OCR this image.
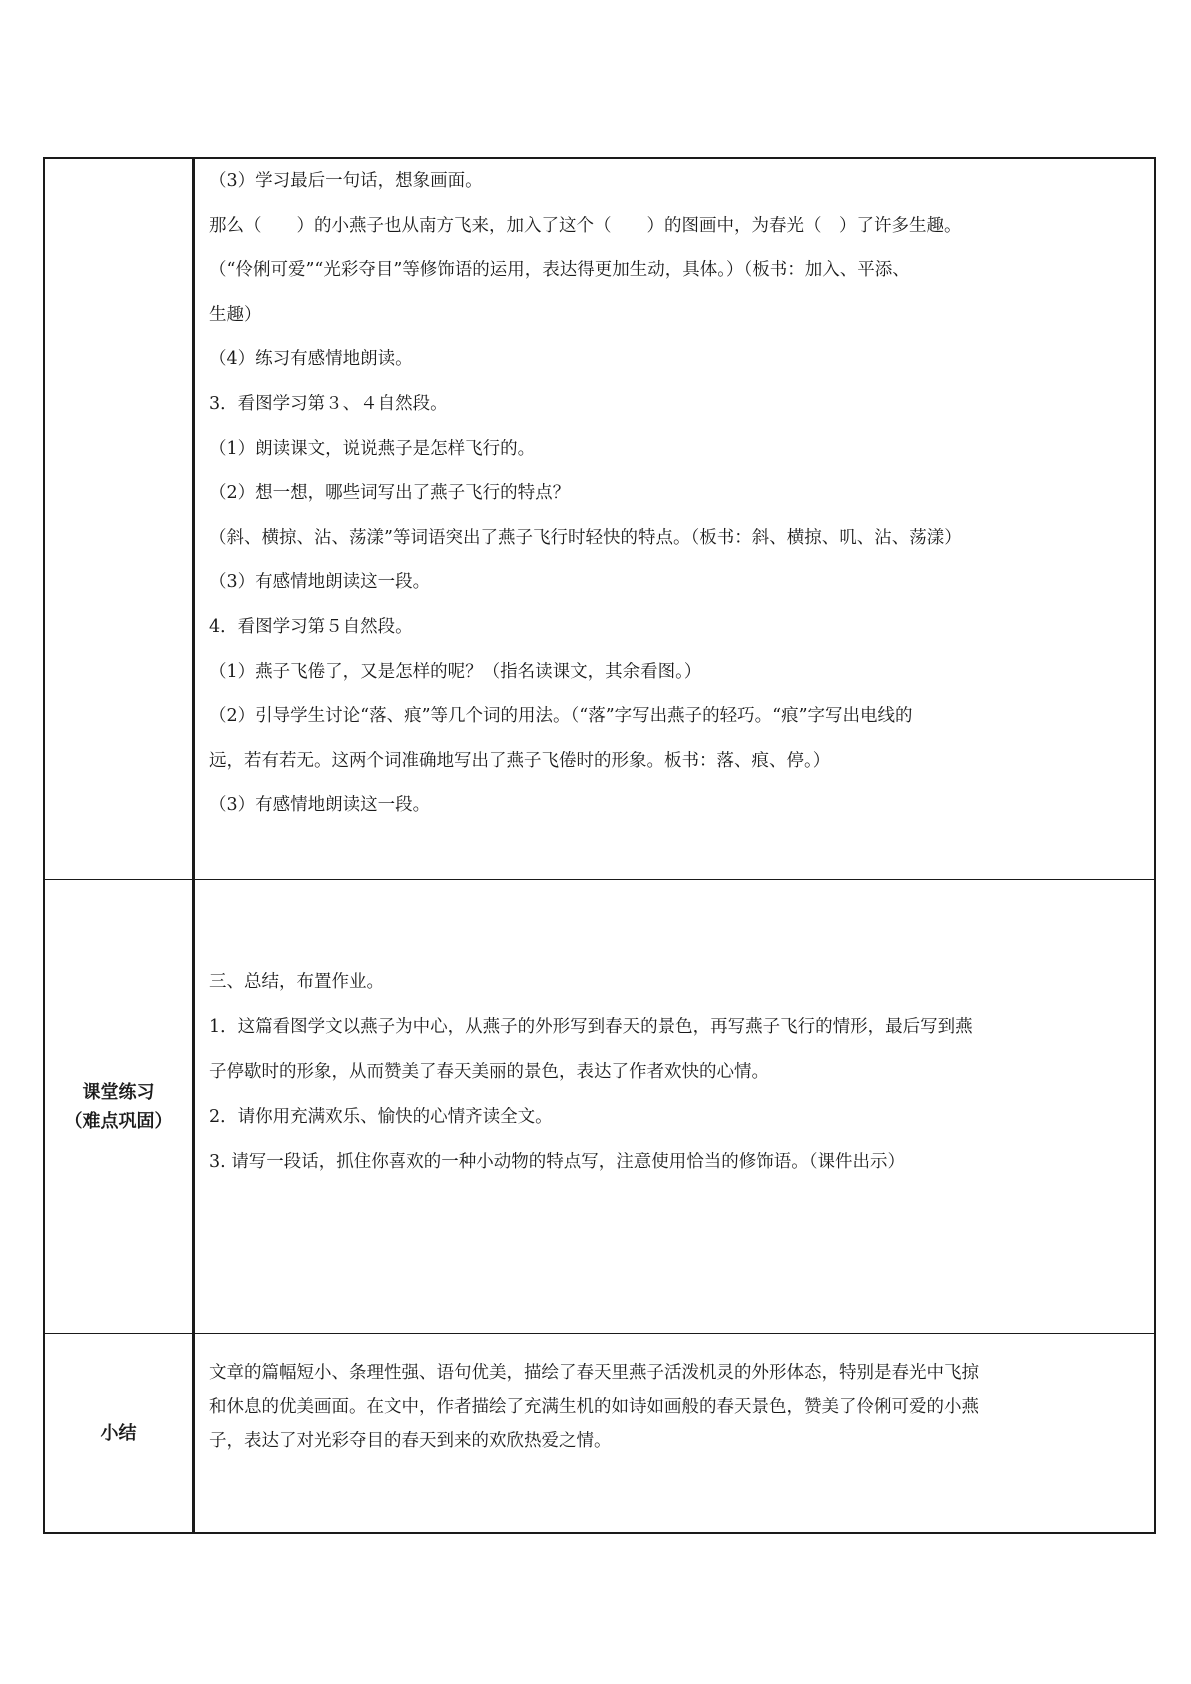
（3）学习最后一句话，想象画面。
那么（　　）的小燕子也从南方飞来，加入了这个（　　）的图画中，为春光（　）了许多生趣。
（“伶俐可爱”“光彩夺目”等修饰语的运用，表达得更加生动，具体。）（板书：加入、平添、
生趣）
（4）练习有感情地朗读。
3．看图学习第３、４自然段。
（1）朗读课文，说说燕子是怎样飞行的。
（2）想一想，哪些词写出了燕子飞行的特点？
（斜、横掠、沾、荡漾”等词语突出了燕子飞行时轻快的特点。（板书：斜、横掠、叽、沾、荡漾）
（3）有感情地朗读这一段。
4．看图学习第５自然段。
（1）燕子飞倦了，又是怎样的呢？（指名读课文，其余看图。）
（2）引导学生讨论“落、痕”等几个词的用法。（“落”字写出燕子的轻巧。“痕”字写出电线的
远，若有若无。这两个词准确地写出了燕子飞倦时的形象。板书：落、痕、停。）
（3）有感情地朗读这一段。
课堂练习
（难点巩固）
三、总结，布置作业。
1．这篇看图学文以燕子为中心，从燕子的外形写到春天的景色，再写燕子飞行的情形，最后写到燕
子停歇时的形象，从而赞美了春天美丽的景色，表达了作者欢快的心情。
2．请你用充满欢乐、愉快的心情齐读全文。
3. 请写一段话，抓住你喜欢的一种小动物的特点写，注意使用恰当的修饰语。（课件出示）
小结
文章的篇幅短小、条理性强、语句优美，描绘了春天里燕子活泼机灵的外形体态，特别是春光中飞掠
和休息的优美画面。在文中，作者描绘了充满生机的如诗如画般的春天景色，赞美了伶俐可爱的小燕
子，表达了对光彩夺目的春天到来的欢欣热爱之情。
